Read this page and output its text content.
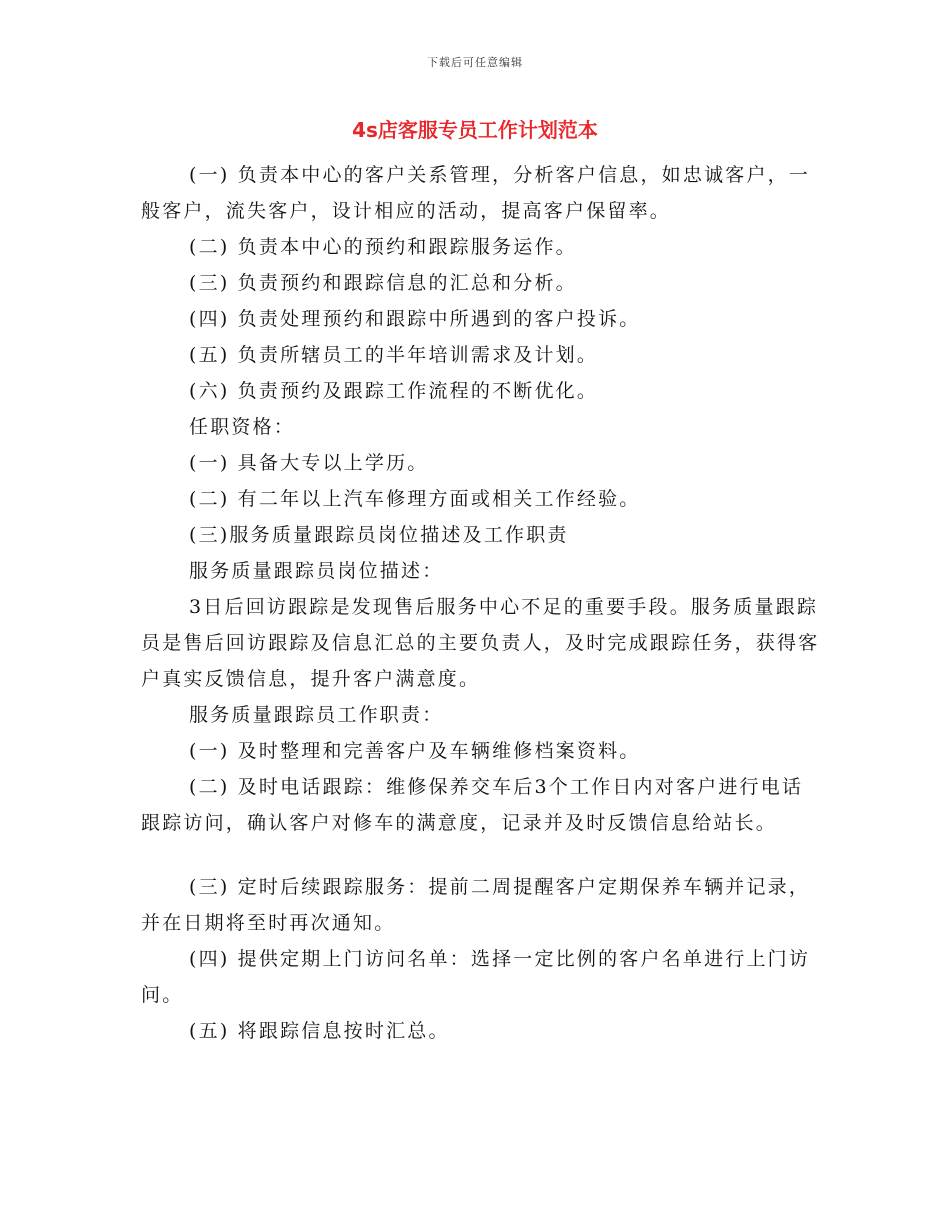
下载后可任意编辑
4s店客服专员工作计划范本

(一) 负责本中心的客户关系管理，分析客户信息，如忠诚客户，一般客户，流失客户，设计相应的活动，提高客户保留率。

(二) 负责本中心的预约和跟踪服务运作。

(三) 负责预约和跟踪信息的汇总和分析。

(四) 负责处理预约和跟踪中所遇到的客户投诉。

(五) 负责所辖员工的半年培训需求及计划。

(六) 负责预约及跟踪工作流程的不断优化。

任职资格：

(一) 具备大专以上学历。

(二) 有二年以上汽车修理方面或相关工作经验。

(三)服务质量跟踪员岗位描述及工作职责

服务质量跟踪员岗位描述：

3日后回访跟踪是发现售后服务中心不足的重要手段。服务质量跟踪员是售后回访跟踪及信息汇总的主要负责人，及时完成跟踪任务，获得客户真实反馈信息，提升客户满意度。

服务质量跟踪员工作职责：

(一) 及时整理和完善客户及车辆维修档案资料。

(二) 及时电话跟踪：维修保养交车后3个工作日内对客户进行电话跟踪访问，确认客户对修车的满意度，记录并及时反馈信息给站长。

(三) 定时后续跟踪服务：提前二周提醒客户定期保养车辆并记录，并在日期将至时再次通知。

(四) 提供定期上门访问名单：选择一定比例的客户名单进行上门访问。

(五) 将跟踪信息按时汇总。
